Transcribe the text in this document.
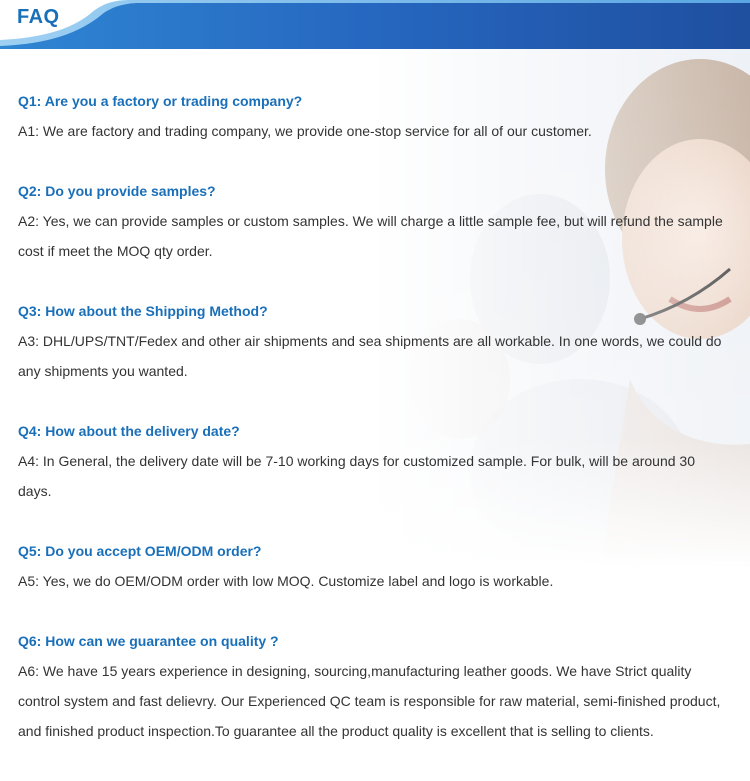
FAQ

Q1: Are you a factory or trading company?

A1: We are factory and trading company, we provide one-stop service for all of our customer.

Q2: Do you provide samples?

A2: Yes, we can provide samples or custom samples. We will charge a little sample fee, but will refund the sample cost if meet the MOQ qty order.

Q3: How about the Shipping Method?

A3: DHL/UPS/TNT/Fedex and other air shipments and sea shipments are all workable. In one words, we could do any shipments you wanted.

Q4: How about the delivery date?

A4: In General, the delivery date will be 7-10 working days for customized sample. For bulk, will be around 30 days.

Q5: Do you accept OEM/ODM order?

A5: Yes, we do OEM/ODM order with low MOQ. Customize label and logo is workable.

Q6: How can we guarantee on quality ?

A6: We have 15 years experience in designing, sourcing,manufacturing leather goods. We have Strict quality control system and fast delievry. Our Experienced QC team is responsible for raw material, semi-finished product, and finished product inspection.To guarantee all the product quality is excellent that is selling to clients.
